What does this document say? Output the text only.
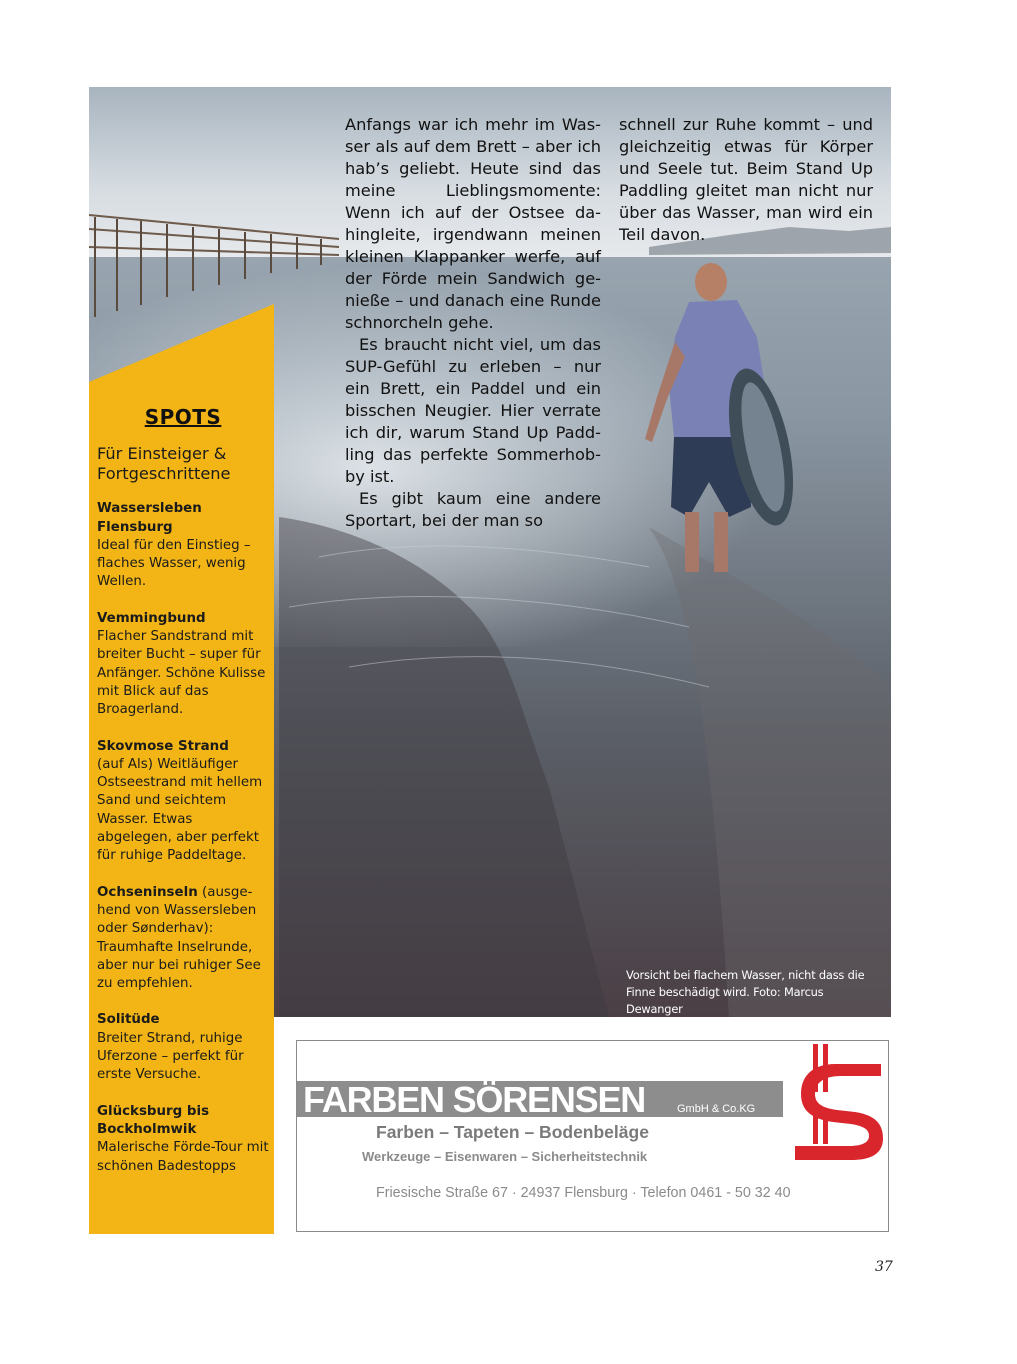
Anfangs war ich mehr im Wasser als auf dem Brett – aber ich hab’s geliebt. Heute sind das meine Lieblingsmomente: Wenn ich auf der Ostsee dahingleite, irgendwann meinen kleinen Klappanker werfe, auf der Förde mein Sandwich genieße – und danach eine Runde schnorcheln gehe.

Es braucht nicht viel, um das SUP-Gefühl zu erleben – nur ein Brett, ein Paddel und ein bisschen Neugier. Hier verrate ich dir, warum Stand Up Paddling das perfekte Sommerhobby ist.

Es gibt kaum eine andere Sportart, bei der man so

schnell zur Ruhe kommt – und gleichzeitig etwas für Körper und Seele tut. Beim Stand Up Paddling gleitet man nicht nur über das Wasser, man wird ein Teil davon.

Vorsicht bei flachem Wasser, nicht dass die Finne beschädigt wird. Foto: Marcus Dewanger
SPOTS
Für Einsteiger & Fortgeschrittene
Wassersleben Flensburg
Ideal für den Einstieg – flaches Wasser, wenig Wellen.
Vemmingbund
Flacher Sandstrand mit breiter Bucht – super für Anfänger. Schöne Kulisse mit Blick auf das Broagerland.
Skovmose Strand
(auf Als) Weitläufiger Ostseestrand mit hellem Sand und seichtem Wasser. Etwas abgelegen, aber perfekt für ruhige Paddeltage.
Ochseninseln (ausgehend von Wassersleben oder Sønderhav): Traumhafte Inselrunde, aber nur bei ruhiger See zu empfehlen.
Solitüde
Breiter Strand, ruhige Uferzone – perfekt für erste Versuche.
Glücksburg bis Bockholmwik
Malerische Förde-Tour mit schönen Badestopps
FARBEN SÖRENSEN	GmbH & Co.KG
Farben – Tapeten – Bodenbeläge
Werkzeuge – Eisenwaren – Sicherheitstechnik
Friesische Straße 67 · 24937 Flensburg · Telefon 0461 - 50 32 40
37
